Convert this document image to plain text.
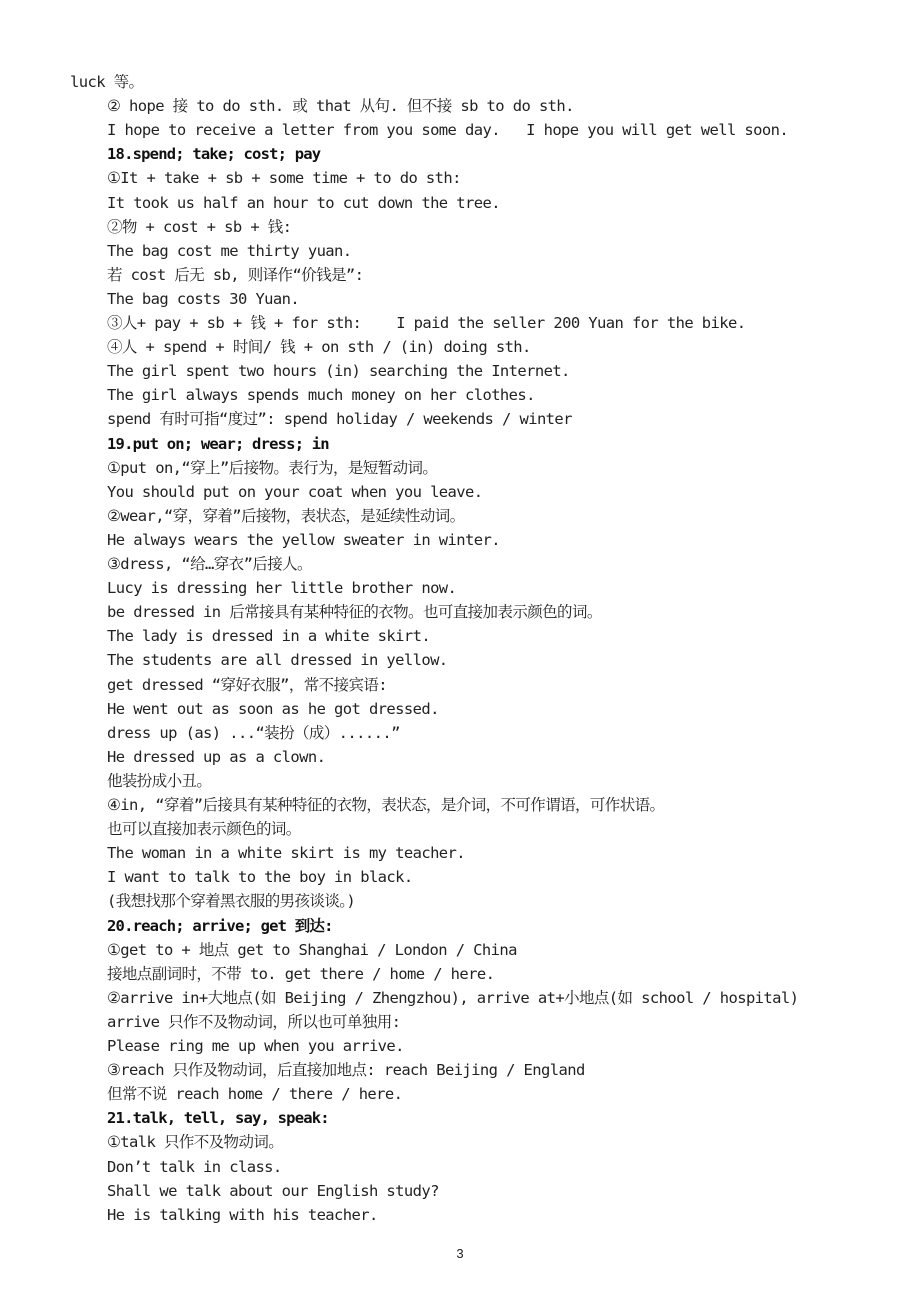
luck 等。
② hope 接 to do sth. 或 that 从句. 但不接 sb to do sth.
I hope to receive a letter from you some day.   I hope you will get well soon.
18.spend; take; cost; pay
①It + take + sb + some time + to do sth:
It took us half an hour to cut down the tree.
②物 + cost + sb + 钱:
The bag cost me thirty yuan.
若 cost 后无 sb, 则译作“价钱是”:
The bag costs 30 Yuan.
③人+ pay + sb + 钱 + for sth:    I paid the seller 200 Yuan for the bike.
④人 + spend + 时间/ 钱 + on sth / (in) doing sth.
The girl spent two hours (in) searching the Internet.
The girl always spends much money on her clothes.
spend 有时可指“度过”: spend holiday / weekends / winter
19.put on; wear; dress; in
①put on,“穿上”后接物。表行为，是短暂动词。
You should put on your coat when you leave.
②wear,“穿，穿着”后接物，表状态，是延续性动词。
He always wears the yellow sweater in winter.
③dress, “给…穿衣”后接人。
Lucy is dressing her little brother now.
be dressed in 后常接具有某种特征的衣物。也可直接加表示颜色的词。
The lady is dressed in a white skirt.
The students are all dressed in yellow.
get dressed “穿好衣服”，常不接宾语:
He went out as soon as he got dressed.
dress up (as) ...“装扮（成）......”
He dressed up as a clown.
他装扮成小丑。
④in, “穿着”后接具有某种特征的衣物，表状态，是介词，不可作谓语，可作状语。
也可以直接加表示颜色的词。
The woman in a white skirt is my teacher.
I want to talk to the boy in black.
(我想找那个穿着黑衣服的男孩谈谈。)
20.reach; arrive; get 到达:
①get to + 地点 get to Shanghai / London / China
接地点副词时，不带 to. get there / home / here.
②arrive in+大地点(如 Beijing / Zhengzhou), arrive at+小地点(如 school / hospital)
arrive 只作不及物动词，所以也可单独用:
Please ring me up when you arrive.
③reach 只作及物动词，后直接加地点: reach Beijing / England
但常不说 reach home / there / here.
21.talk, tell, say, speak:
①talk 只作不及物动词。
Don’t talk in class.
Shall we talk about our English study?
He is talking with his teacher.
3
